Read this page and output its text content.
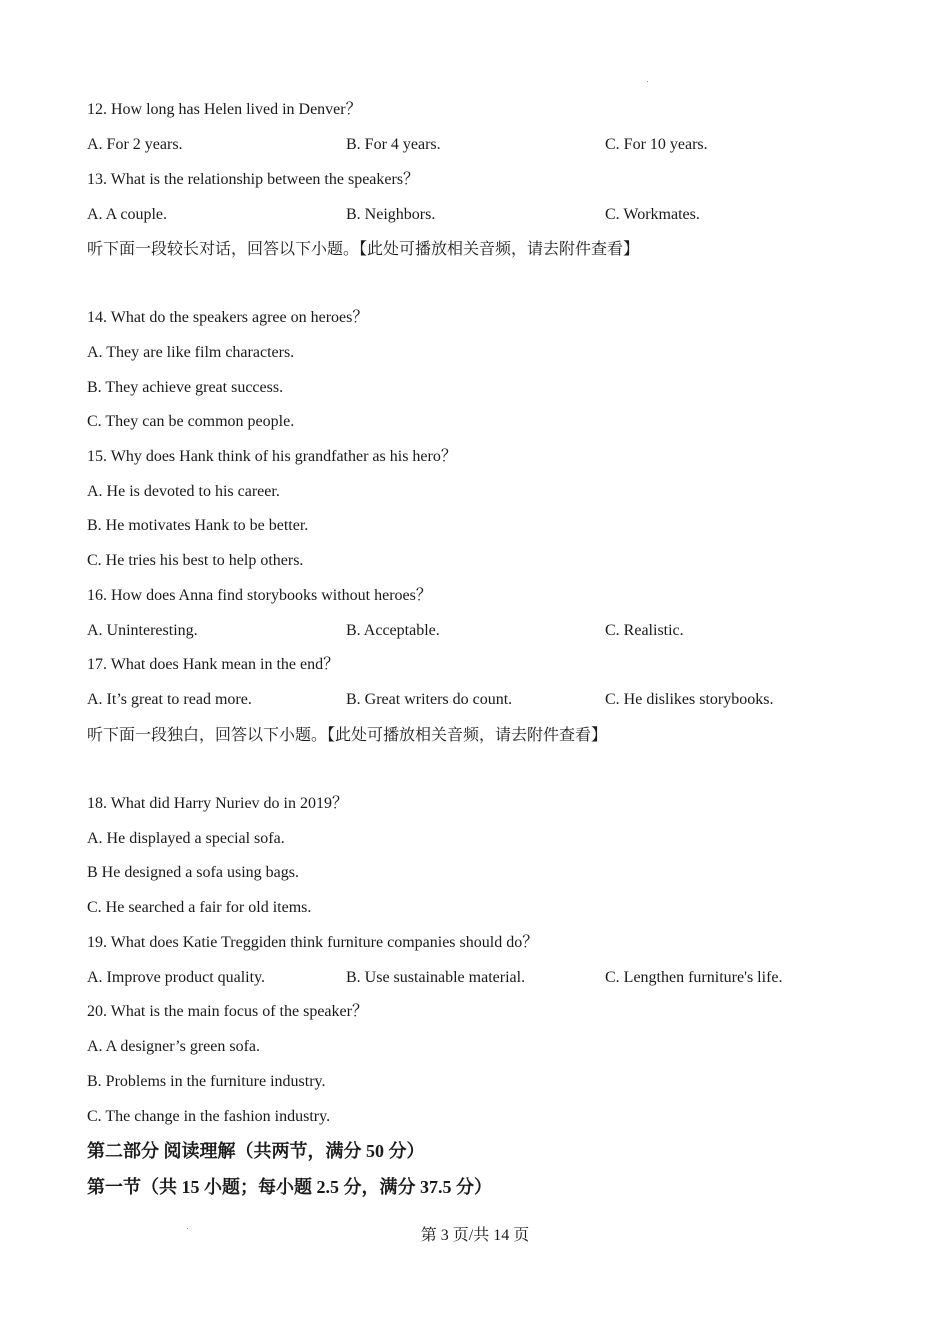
12. How long has Helen lived in Denver？
A. For 2 years.	B. For 4 years.	C. For 10 years.
13. What is the relationship between the speakers？
A. A couple.	B. Neighbors.	C. Workmates.
听下面一段较长对话，回答以下小题。【此处可播放相关音频，请去附件查看】
14. What do the speakers agree on heroes？
A. They are like film characters.
B. They achieve great success.
C. They can be common people.
15. Why does Hank think of his grandfather as his hero？
A. He is devoted to his career.
B. He motivates Hank to be better.
C. He tries his best to help others.
16. How does Anna find storybooks without heroes？
A. Uninteresting.	B. Acceptable.	C. Realistic.
17. What does Hank mean in the end？
A. It’s great to read more.	B. Great writers do count.	C. He dislikes storybooks.
听下面一段独白，回答以下小题。【此处可播放相关音频，请去附件查看】
18. What did Harry Nuriev do in 2019？
A. He displayed a special sofa.
B He designed a sofa using bags.
C. He searched a fair for old items.
19. What does Katie Treggiden think furniture companies should do？
A. Improve product quality.	B. Use sustainable material.	C. Lengthen furniture's life.
20. What is the main focus of the speaker？
A. A designer’s green sofa.
B. Problems in the furniture industry.
C. The change in the fashion industry.
第二部分 阅读理解（共两节，满分 50 分）
第一节（共 15 小题；每小题 2.5 分，满分 37.5 分）
第 3 页/共 14 页
